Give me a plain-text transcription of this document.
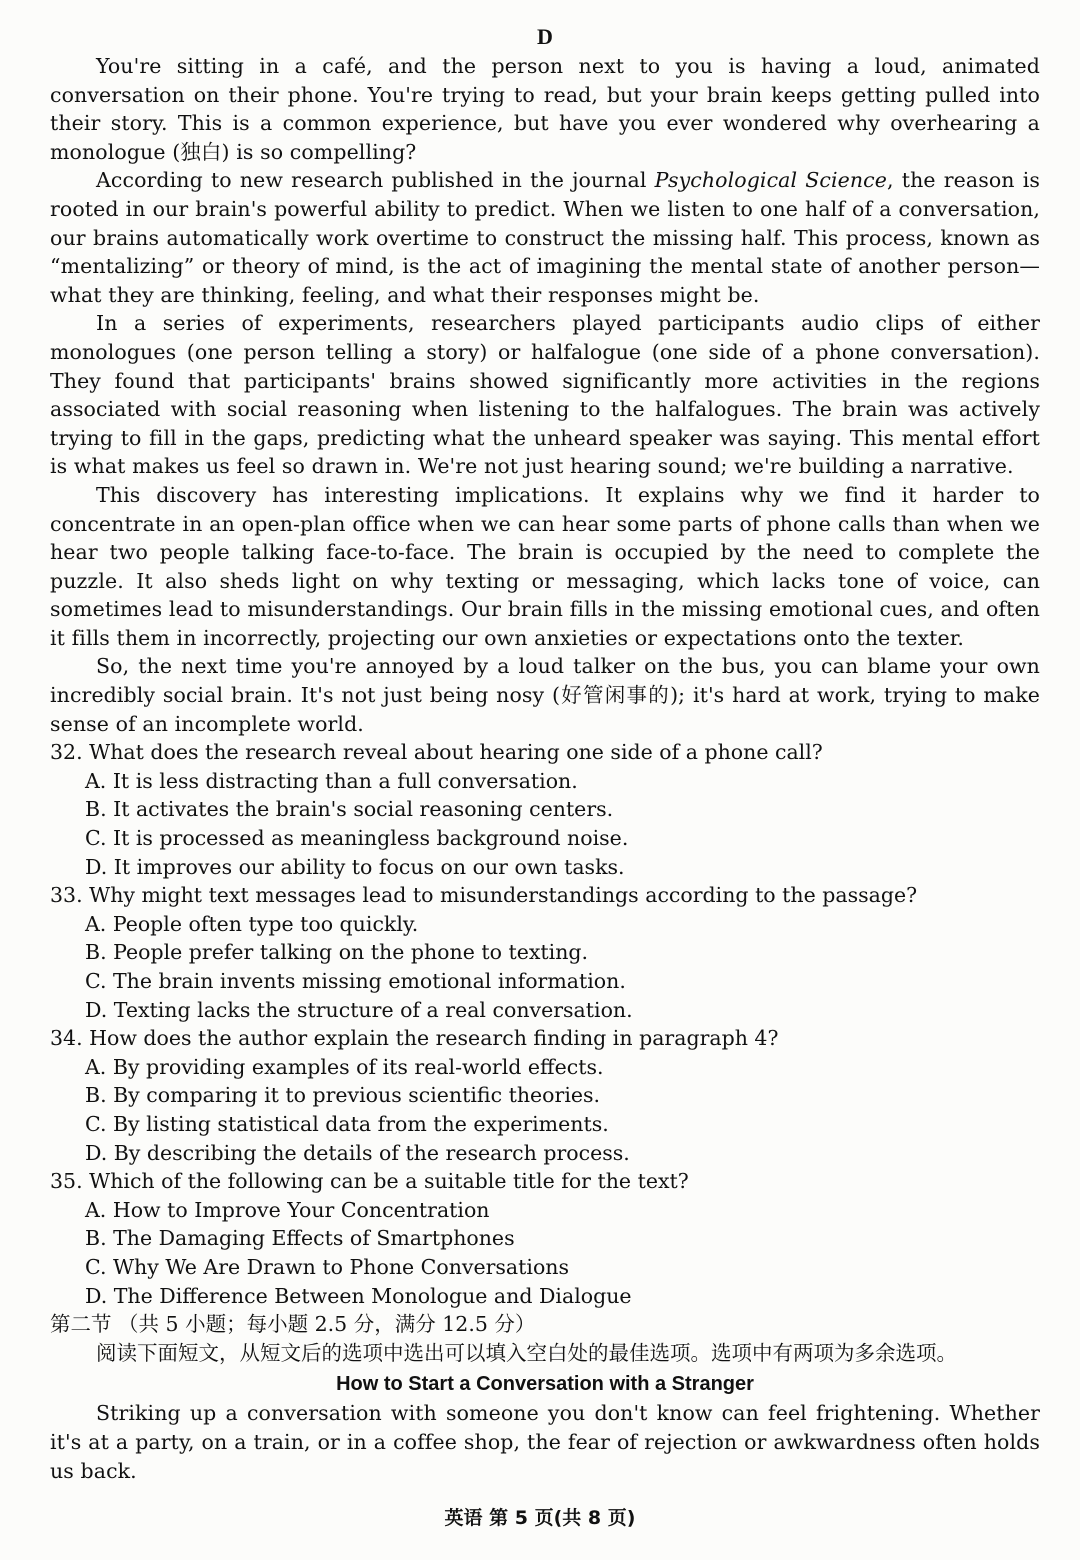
D

You're sitting in a café, and the person next to you is having a loud, animated conversation on their phone. You're trying to read, but your brain keeps getting pulled into their story. This is a common experience, but have you ever wondered why overhearing a monologue (独白) is so compelling?

According to new research published in the journal Psychological Science, the reason is rooted in our brain's powerful ability to predict. When we listen to one half of a conversation, our brains automatically work overtime to construct the missing half. This process, known as “mentalizing” or theory of mind, is the act of imagining the mental state of another person—what they are thinking, feeling, and what their responses might be.

In a series of experiments, researchers played participants audio clips of either monologues (one person telling a story) or halfalogue (one side of a phone conversation). They found that participants' brains showed significantly more activities in the regions associated with social reasoning when listening to the halfalogues. The brain was actively trying to fill in the gaps, predicting what the unheard speaker was saying. This mental effort is what makes us feel so drawn in. We're not just hearing sound; we're building a narrative.

This discovery has interesting implications. It explains why we find it harder to concentrate in an open-plan office when we can hear some parts of phone calls than when we hear two people talking face-to-face. The brain is occupied by the need to complete the puzzle. It also sheds light on why texting or messaging, which lacks tone of voice, can sometimes lead to misunderstandings. Our brain fills in the missing emotional cues, and often it fills them in incorrectly, projecting our own anxieties or expectations onto the texter.

So, the next time you're annoyed by a loud talker on the bus, you can blame your own incredibly social brain. It's not just being nosy (好管闲事的); it's hard at work, trying to make sense of an incomplete world.

32. What does the research reveal about hearing one side of a phone call?

A. It is less distracting than a full conversation.

B. It activates the brain's social reasoning centers.

C. It is processed as meaningless background noise.

D. It improves our ability to focus on our own tasks.

33. Why might text messages lead to misunderstandings according to the passage?

A. People often type too quickly.

B. People prefer talking on the phone to texting.

C. The brain invents missing emotional information.

D. Texting lacks the structure of a real conversation.

34. How does the author explain the research finding in paragraph 4?

A. By providing examples of its real-world effects.

B. By comparing it to previous scientific theories.

C. By listing statistical data from the experiments.

D. By describing the details of the research process.

35. Which of the following can be a suitable title for the text?

A. How to Improve Your Concentration

B. The Damaging Effects of Smartphones

C. Why We Are Drawn to Phone Conversations

D. The Difference Between Monologue and Dialogue

第二节 （共 5 小题；每小题 2.5 分，满分 12.5 分）

阅读下面短文，从短文后的选项中选出可以填入空白处的最佳选项。选项中有两项为多余选项。

How to Start a Conversation with a Stranger

Striking up a conversation with someone you don't know can feel frightening. Whether it's at a party, on a train, or in a coffee shop, the fear of rejection or awkwardness often holds us back.

英语 第 5 页(共 8 页)
